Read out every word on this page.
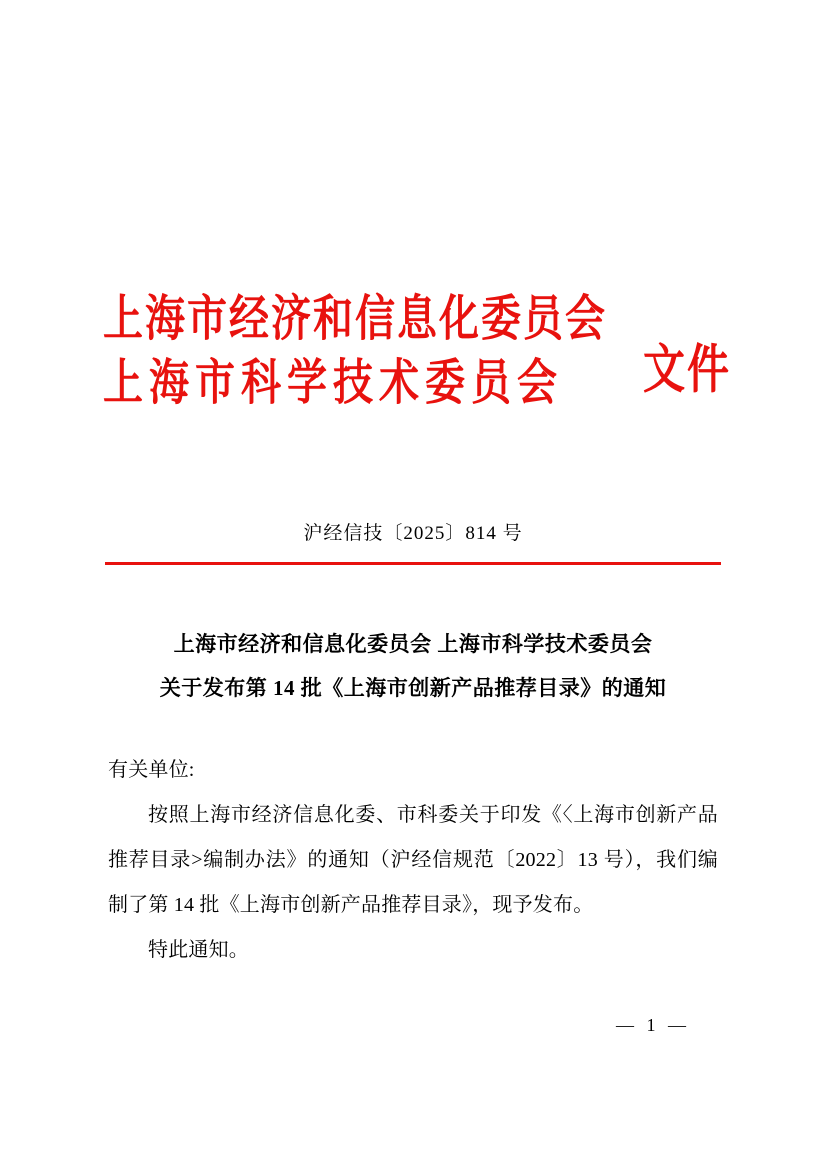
上海市经济和信息化委员会
上海市科学技术委员会	文件
沪经信技〔2025〕814 号
上海市经济和信息化委员会 上海市科学技术委员会
关于发布第 14 批《上海市创新产品推荐目录》的通知
有关单位:
按照上海市经济信息化委、市科委关于印发《〈上海市创新产品推荐目录>编制办法》的通知（沪经信规范〔2022〕13 号），我们编制了第 14 批《上海市创新产品推荐目录》，现予发布。
特此通知。
— 1 —
